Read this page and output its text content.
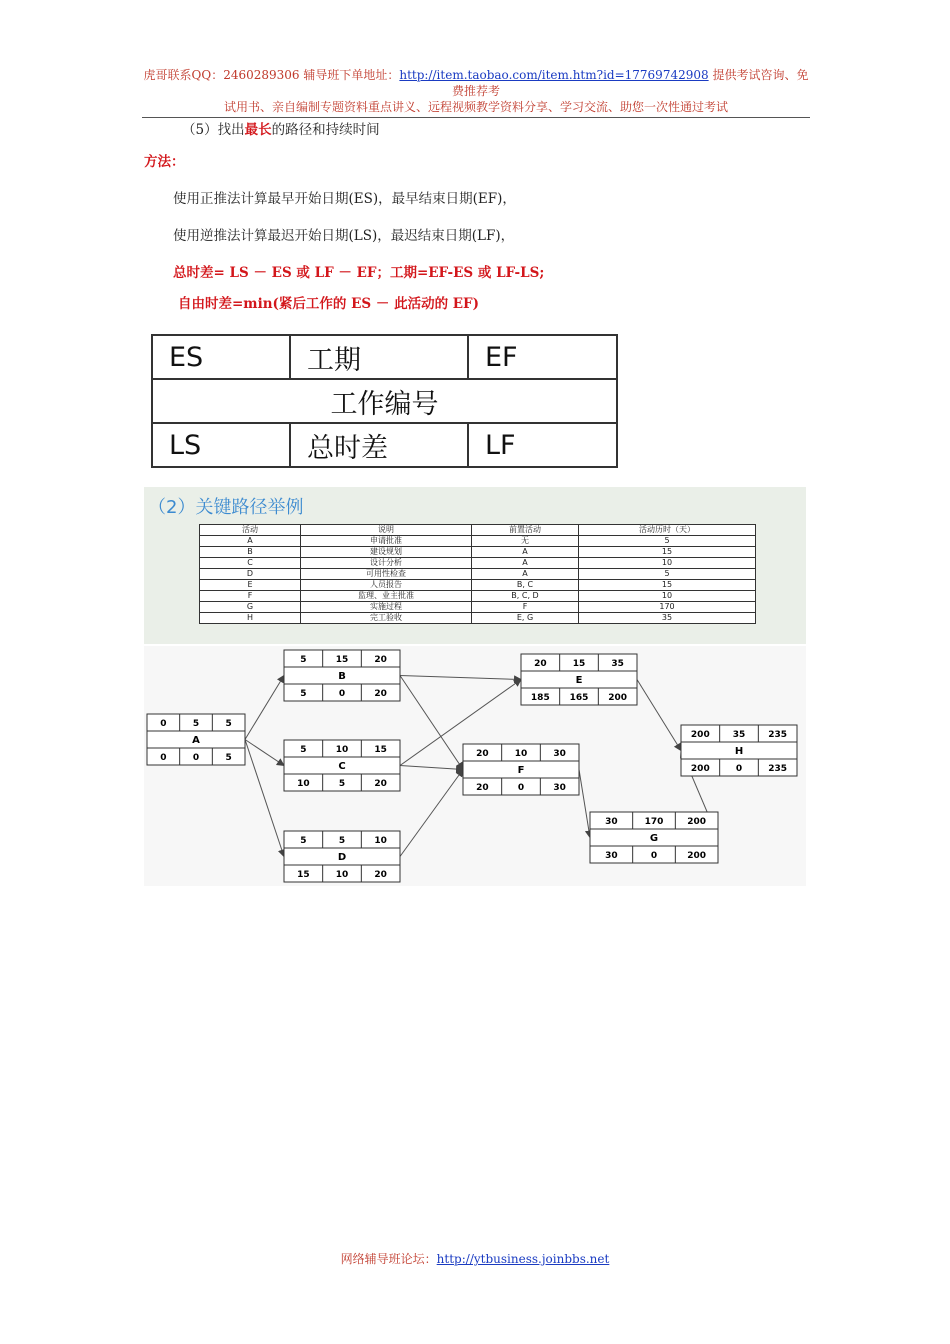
虎哥联系QQ：2460289306 辅导班下单地址：http://item.taobao.com/item.htm?id=17769742908 提供考试咨询、免费推荐考
试用书、亲自编制专题资料重点讲义、远程视频教学资料分享、学习交流、助您一次性通过考试
（5）找出最长的路径和持续时间
方法：
使用正推法计算最早开始日期(ES)，最早结束日期(EF)，
使用逆推法计算最迟开始日期(LS)，最迟结束日期(LF)，
总时差= LS － ES 或 LF － EF；工期=EF-ES 或 LF-LS;
自由时差=min(紧后工作的 ES － 此活动的 EF)
ES	工期	EF
工作编号		
LS	总时差	LF
（2）关键路径举例
活动	说明	前置活动	活动历时（天）
A	申请批准	无	5
B	建设规划	A	15
C	设计分析	A	10
D	可用性检查	A	5
E	人员报告	B, C	15
F	监理、业主批准	B, C, D	10
G	实施过程	F	170
H	完工验收	E, G	35
0	5	5
A
0	0	5
5	15	20
B
5	0	20
5	10	15
C
10	5	20
5	5	10
D
15	10	20
20	15	35
E
185 165 200
20	10	30
F
20	0	30
30	170	200
G
30	0	200
200	35	235
H
200	0	235
网络辅导班论坛：http://ytbusiness.joinbbs.net
